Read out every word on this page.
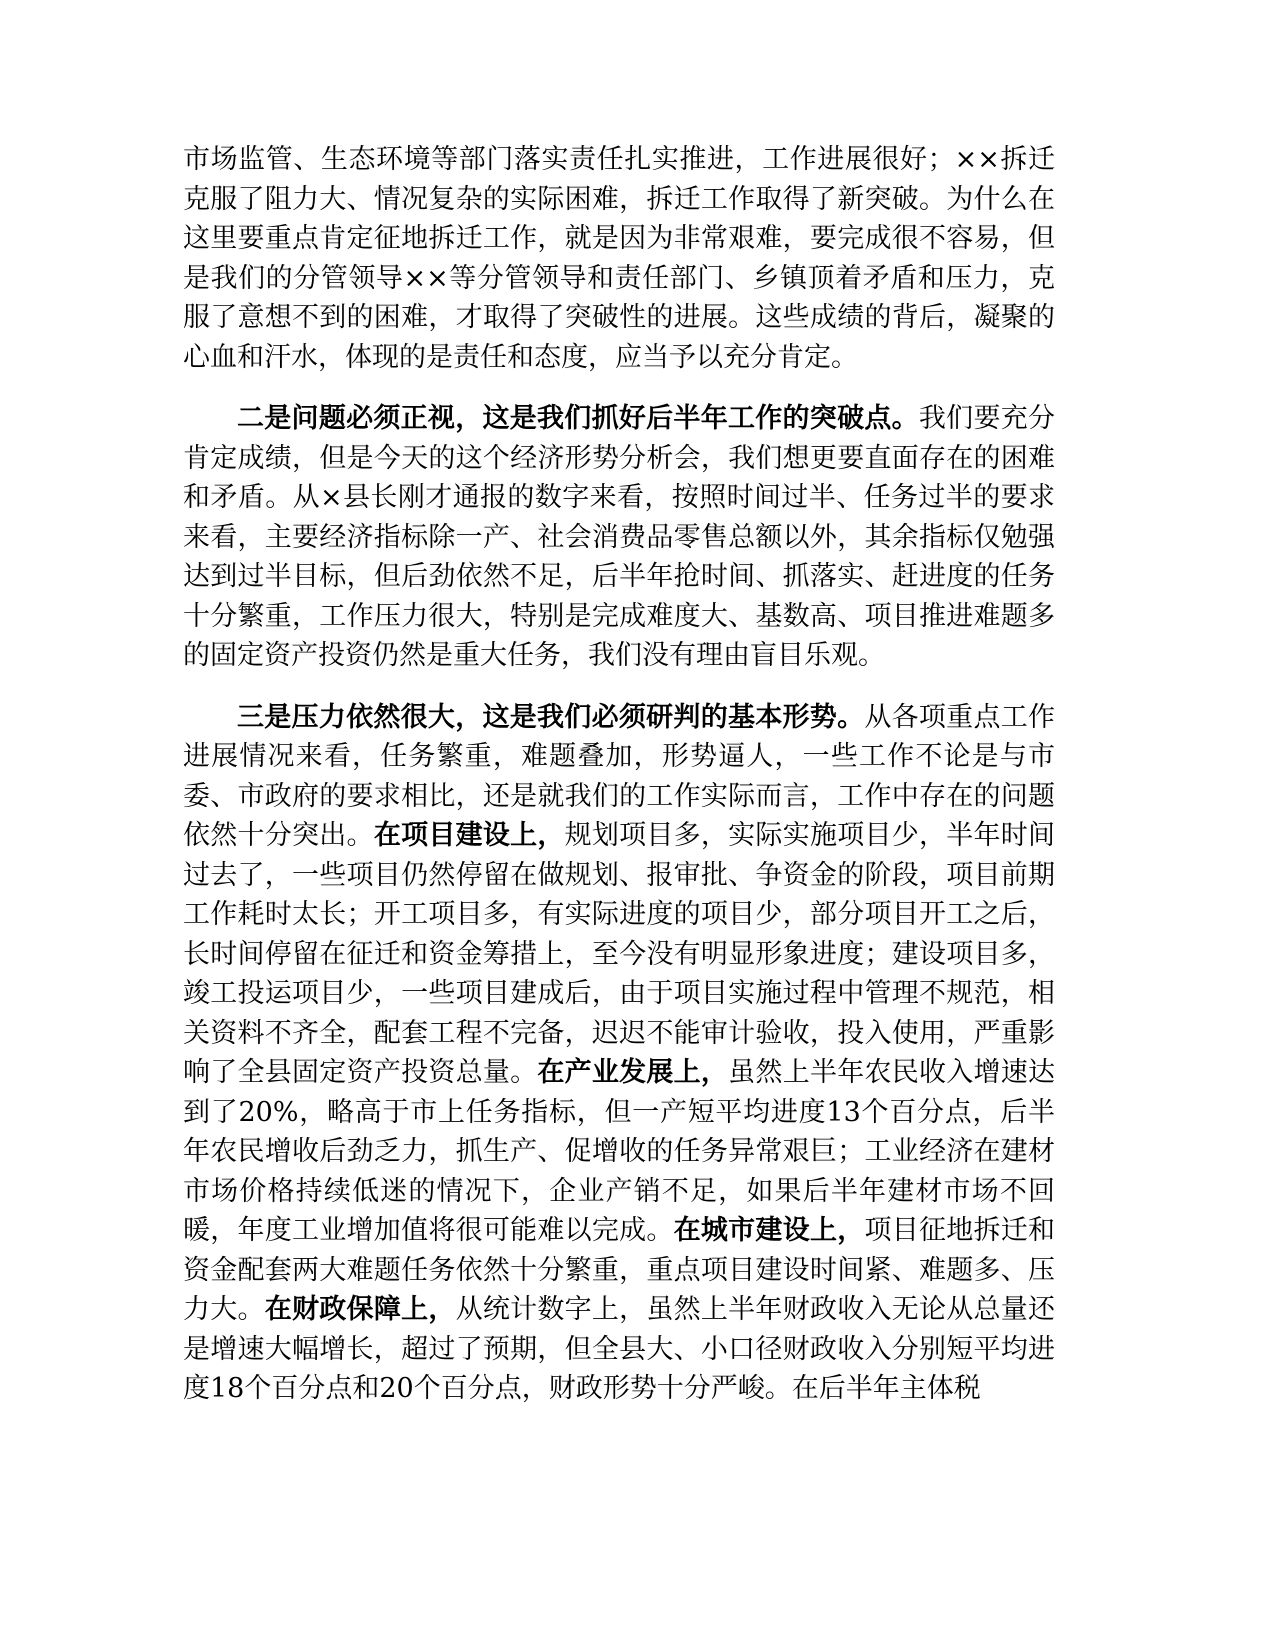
市场监管、生态环境等部门落实责任扎实推进，工作进展很好；××拆迁克服了阻力大、情况复杂的实际困难，拆迁工作取得了新突破。为什么在这里要重点肯定征地拆迁工作，就是因为非常艰难，要完成很不容易，但是我们的分管领导××等分管领导和责任部门、乡镇顶着矛盾和压力，克服了意想不到的困难，才取得了突破性的进展。这些成绩的背后，凝聚的心血和汗水，体现的是责任和态度，应当予以充分肯定。

二是问题必须正视，这是我们抓好后半年工作的突破点。我们要充分肯定成绩，但是今天的这个经济形势分析会，我们想更要直面存在的困难和矛盾。从×县长刚才通报的数字来看，按照时间过半、任务过半的要求来看，主要经济指标除一产、社会消费品零售总额以外，其余指标仅勉强达到过半目标，但后劲依然不足，后半年抢时间、抓落实、赶进度的任务十分繁重，工作压力很大，特别是完成难度大、基数高、项目推进难题多的固定资产投资仍然是重大任务，我们没有理由盲目乐观。

三是压力依然很大，这是我们必须研判的基本形势。从各项重点工作进展情况来看，任务繁重，难题叠加，形势逼人，一些工作不论是与市委、市政府的要求相比，还是就我们的工作实际而言，工作中存在的问题依然十分突出。在项目建设上，规划项目多，实际实施项目少，半年时间过去了，一些项目仍然停留在做规划、报审批、争资金的阶段，项目前期工作耗时太长；开工项目多，有实际进度的项目少，部分项目开工之后，长时间停留在征迁和资金筹措上，至今没有明显形象进度；建设项目多，竣工投运项目少，一些项目建成后，由于项目实施过程中管理不规范，相关资料不齐全，配套工程不完备，迟迟不能审计验收，投入使用，严重影响了全县固定资产投资总量。在产业发展上，虽然上半年农民收入增速达到了20%，略高于市上任务指标，但一产短平均进度13个百分点，后半年农民增收后劲乏力，抓生产、促增收的任务异常艰巨；工业经济在建材市场价格持续低迷的情况下，企业产销不足，如果后半年建材市场不回暖，年度工业增加值将很可能难以完成。在城市建设上，项目征地拆迁和资金配套两大难题任务依然十分繁重，重点项目建设时间紧、难题多、压力大。在财政保障上，从统计数字上，虽然上半年财政收入无论从总量还是增速大幅增长，超过了预期，但全县大、小口径财政收入分别短平均进度18个百分点和20个百分点，财政形势十分严峻。在后半年主体税
